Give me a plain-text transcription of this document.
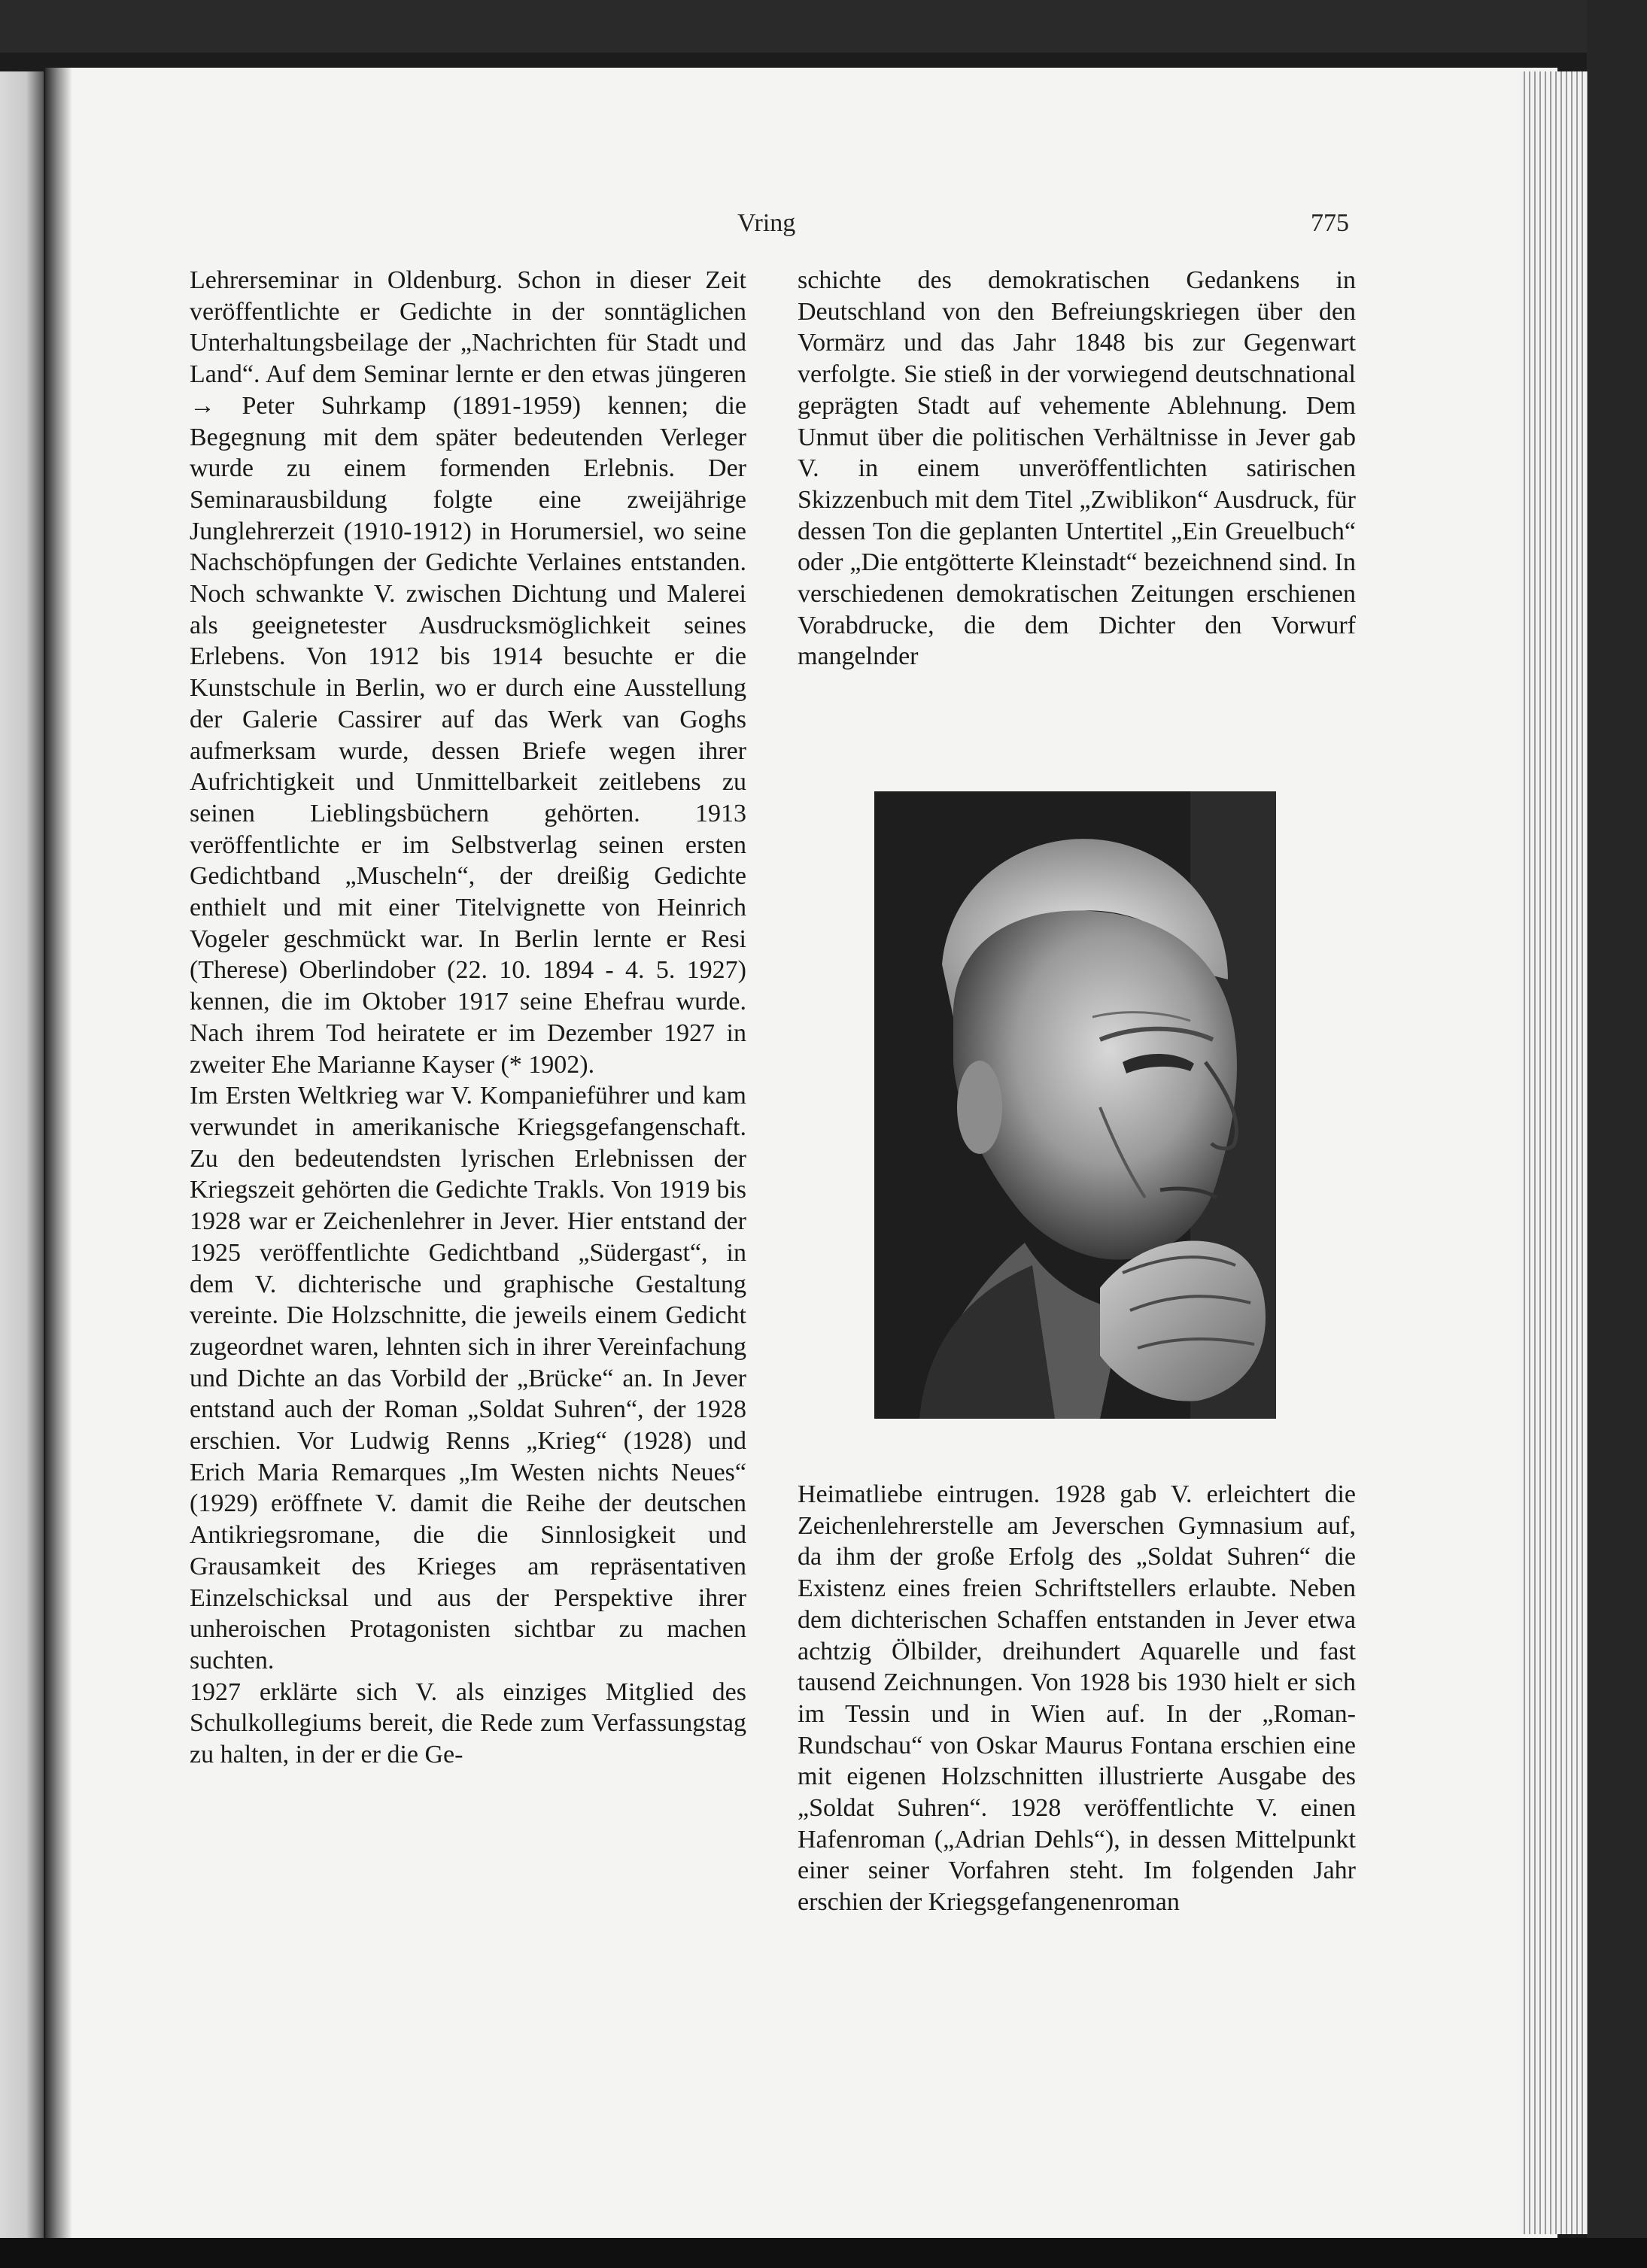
Vring	775

Lehrerseminar in Oldenburg. Schon in dieser Zeit veröffentlichte er Gedichte in der sonntäglichen Unterhaltungsbeilage der „Nachrichten für Stadt und Land“. Auf dem Seminar lernte er den etwas jüngeren → Peter Suhrkamp (1891-1959) kennen; die Begegnung mit dem später bedeutenden Verleger wurde zu einem formenden Erlebnis. Der Seminarausbildung folgte eine zweijährige Junglehrerzeit (1910-1912) in Horumersiel, wo seine Nachschöpfungen der Gedichte Verlaines entstanden. Noch schwankte V. zwischen Dichtung und Malerei als geeignetester Ausdrucksmöglichkeit seines Erlebens. Von 1912 bis 1914 besuchte er die Kunstschule in Berlin, wo er durch eine Ausstellung der Galerie Cassirer auf das Werk van Goghs aufmerksam wurde, dessen Briefe wegen ihrer Aufrichtigkeit und Unmittelbarkeit zeitlebens zu seinen Lieblingsbüchern gehörten. 1913 veröffentlichte er im Selbstverlag seinen ersten Gedichtband „Muscheln“, der dreißig Gedichte enthielt und mit einer Titelvignette von Heinrich Vogeler geschmückt war. In Berlin lernte er Resi (Therese) Oberlindober (22. 10. 1894 - 4. 5. 1927) kennen, die im Oktober 1917 seine Ehefrau wurde. Nach ihrem Tod heiratete er im Dezember 1927 in zweiter Ehe Marianne Kayser (* 1902).

Im Ersten Weltkrieg war V. Kompanieführer und kam verwundet in amerikanische Kriegsgefangenschaft. Zu den bedeutendsten lyrischen Erlebnissen der Kriegszeit gehörten die Gedichte Trakls. Von 1919 bis 1928 war er Zeichenlehrer in Jever. Hier entstand der 1925 veröffentlichte Gedichtband „Südergast“, in dem V. dichterische und graphische Gestaltung vereinte. Die Holzschnitte, die jeweils einem Gedicht zugeordnet waren, lehnten sich in ihrer Vereinfachung und Dichte an das Vorbild der „Brücke“ an. In Jever entstand auch der Roman „Soldat Suhren“, der 1928 erschien. Vor Ludwig Renns „Krieg“ (1928) und Erich Maria Remarques „Im Westen nichts Neues“ (1929) eröffnete V. damit die Reihe der deutschen Antikriegsromane, die die Sinnlosigkeit und Grausamkeit des Krieges am repräsentativen Einzelschicksal und aus der Perspektive ihrer unheroischen Protagonisten sichtbar zu machen suchten.

1927 erklärte sich V. als einziges Mitglied des Schulkollegiums bereit, die Rede zum Verfassungstag zu halten, in der er die Ge-

schichte des demokratischen Gedankens in Deutschland von den Befreiungskriegen über den Vormärz und das Jahr 1848 bis zur Gegenwart verfolgte. Sie stieß in der vorwiegend deutschnational geprägten Stadt auf vehemente Ablehnung. Dem Unmut über die politischen Verhältnisse in Jever gab V. in einem unveröffentlichten satirischen Skizzenbuch mit dem Titel „Zwiblikon“ Ausdruck, für dessen Ton die geplanten Untertitel „Ein Greuelbuch“ oder „Die entgötterte Kleinstadt“ bezeichnend sind. In verschiedenen demokratischen Zeitungen erschienen Vorabdrucke, die dem Dichter den Vorwurf mangelnder

Heimatliebe eintrugen. 1928 gab V. erleichtert die Zeichenlehrerstelle am Jeverschen Gymnasium auf, da ihm der große Erfolg des „Soldat Suhren“ die Existenz eines freien Schriftstellers erlaubte. Neben dem dichterischen Schaffen entstanden in Jever etwa achtzig Ölbilder, dreihundert Aquarelle und fast tausend Zeichnungen. Von 1928 bis 1930 hielt er sich im Tessin und in Wien auf. In der „Roman-Rundschau“ von Oskar Maurus Fontana erschien eine mit eigenen Holzschnitten illustrierte Ausgabe des „Soldat Suhren“. 1928 veröffentlichte V. einen Hafenroman („Adrian Dehls“), in dessen Mittelpunkt einer seiner Vorfahren steht. Im folgenden Jahr erschien der Kriegsgefangenenroman
